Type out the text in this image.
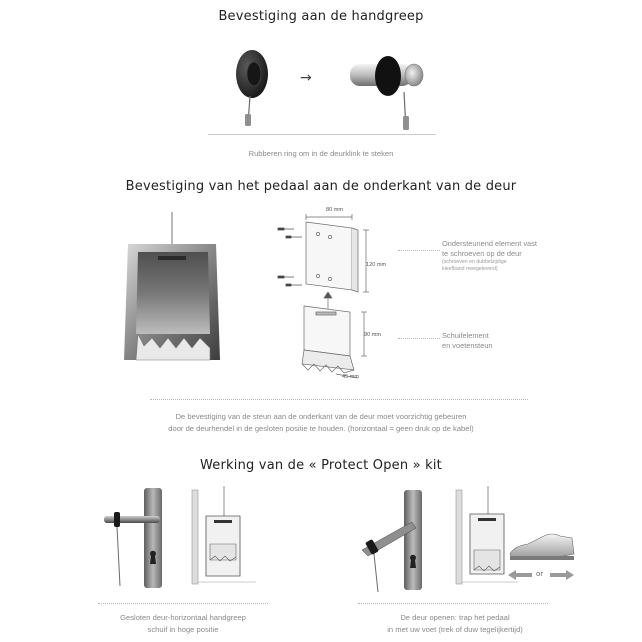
Bevestiging aan de handgreep
→
Rubberen ring om in de deurklink te steken
Bevestiging van het pedaal aan de onderkant van de deur
80 mm
120 mm
90 mm
45 mm
Ondersteunend element vast
te schroeven op de deur
(schroeven en dubbelzijdige
kleefband meegeleverd)
Schuifelement
en voetensteun
De bevestiging van de steun aan de onderkant van de deur moet voorzichtig gebeuren
door de deurhendel in de gesloten positie te houden. (horizontaal = geen druk op de kabel)
Werking van de « Protect Open » kit
or
Gesloten deur-horizontaal handgreep
schuif in hoge positie
De deur openen: trap het pedaal
in met uw voet (trek of duw tegelijkertijd)
